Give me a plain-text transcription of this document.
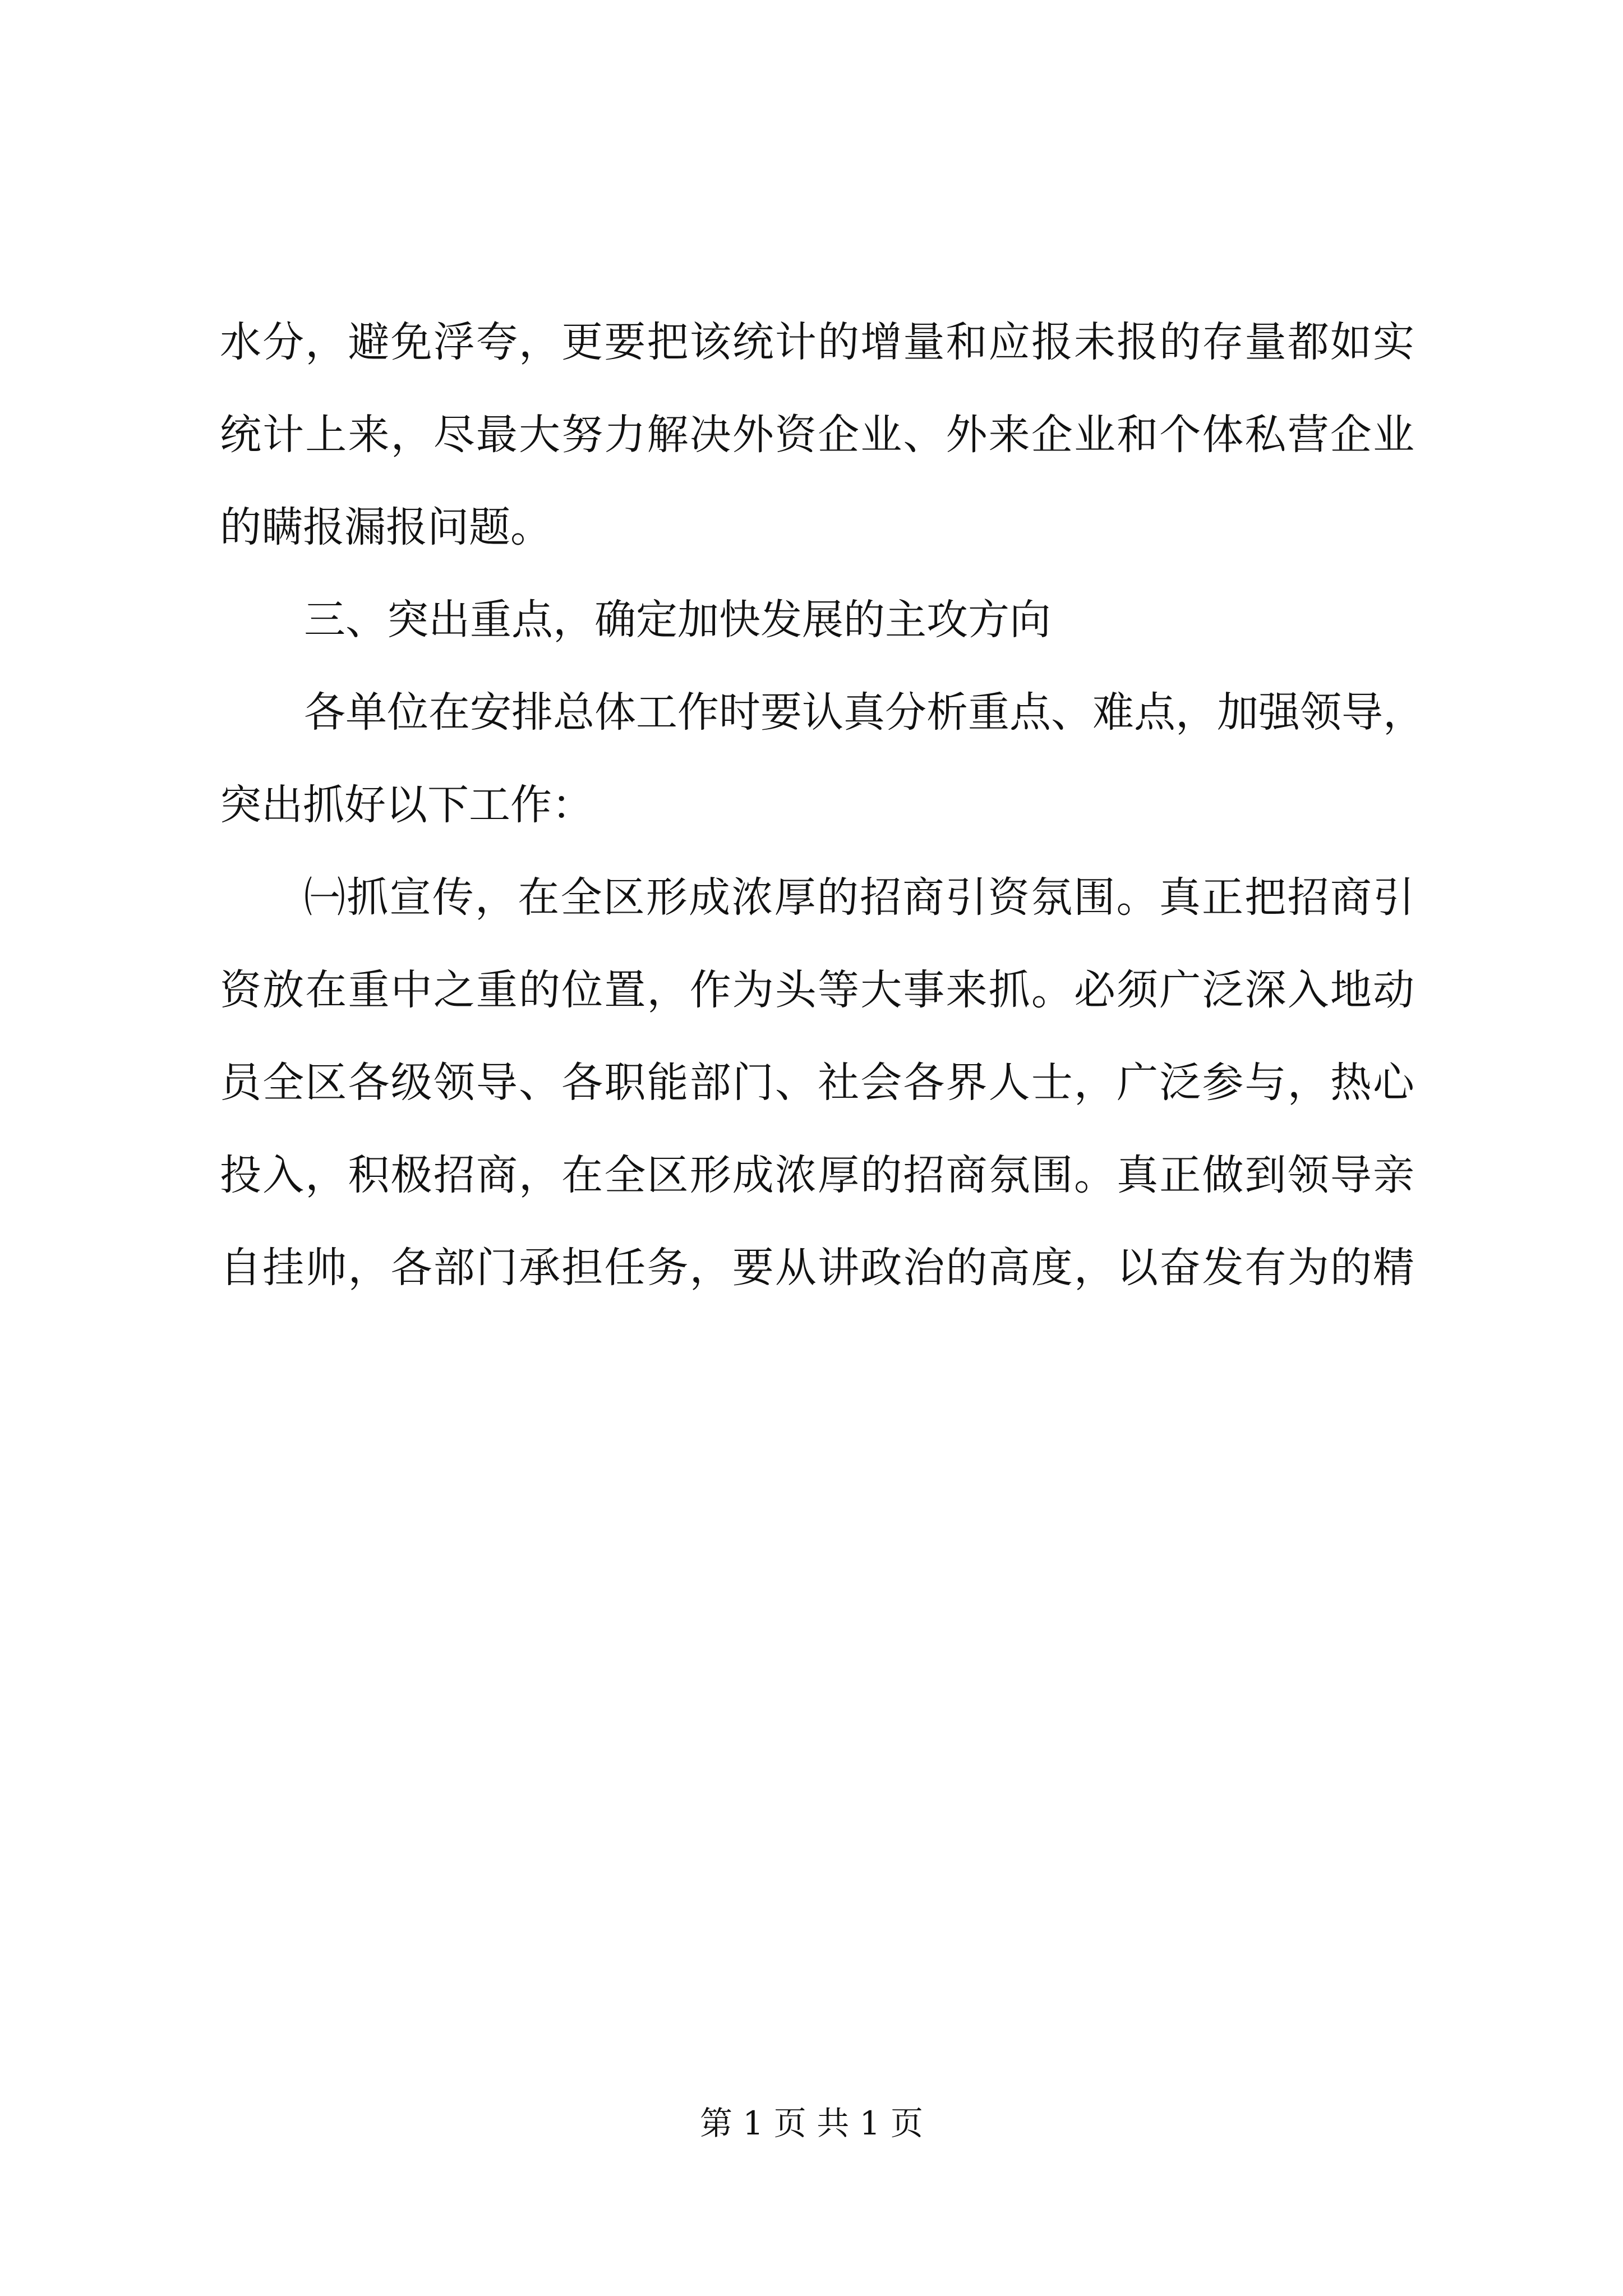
水分，避免浮夸，更要把该统计的增量和应报未报的存量都如实
统计上来，尽最大努力解决外资企业、外来企业和个体私营企业
的瞒报漏报问题。
三、突出重点，确定加快发展的主攻方向
各单位在安排总体工作时要认真分析重点、难点，加强领导，
突出抓好以下工作：
㈠抓宣传，在全区形成浓厚的招商引资氛围。真正把招商引
资放在重中之重的位置，作为头等大事来抓。必须广泛深入地动
员全区各级领导、各职能部门、社会各界人士，广泛参与，热心
投入，积极招商，在全区形成浓厚的招商氛围。真正做到领导亲
自挂帅，各部门承担任务，要从讲政治的高度，以奋发有为的精
第 1 页 共 1 页
